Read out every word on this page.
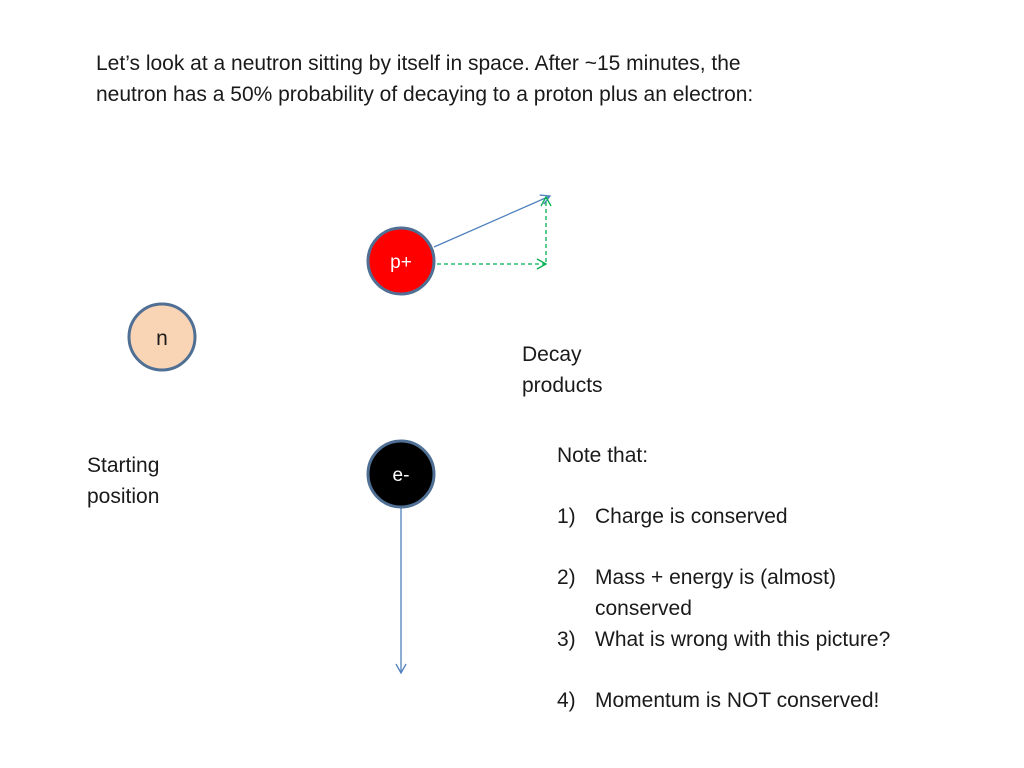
n
p+
e-
Let’s look at a neutron sitting by itself in space. After ~15 minutes, the
neutron has a 50% probability of decaying to a proton plus an electron:
Decay
products
Starting
position
Note that:
1) Charge is conserved
2) Mass + energy is (almost)
conserved
3) What is wrong with this picture?
4) Momentum is NOT conserved!
